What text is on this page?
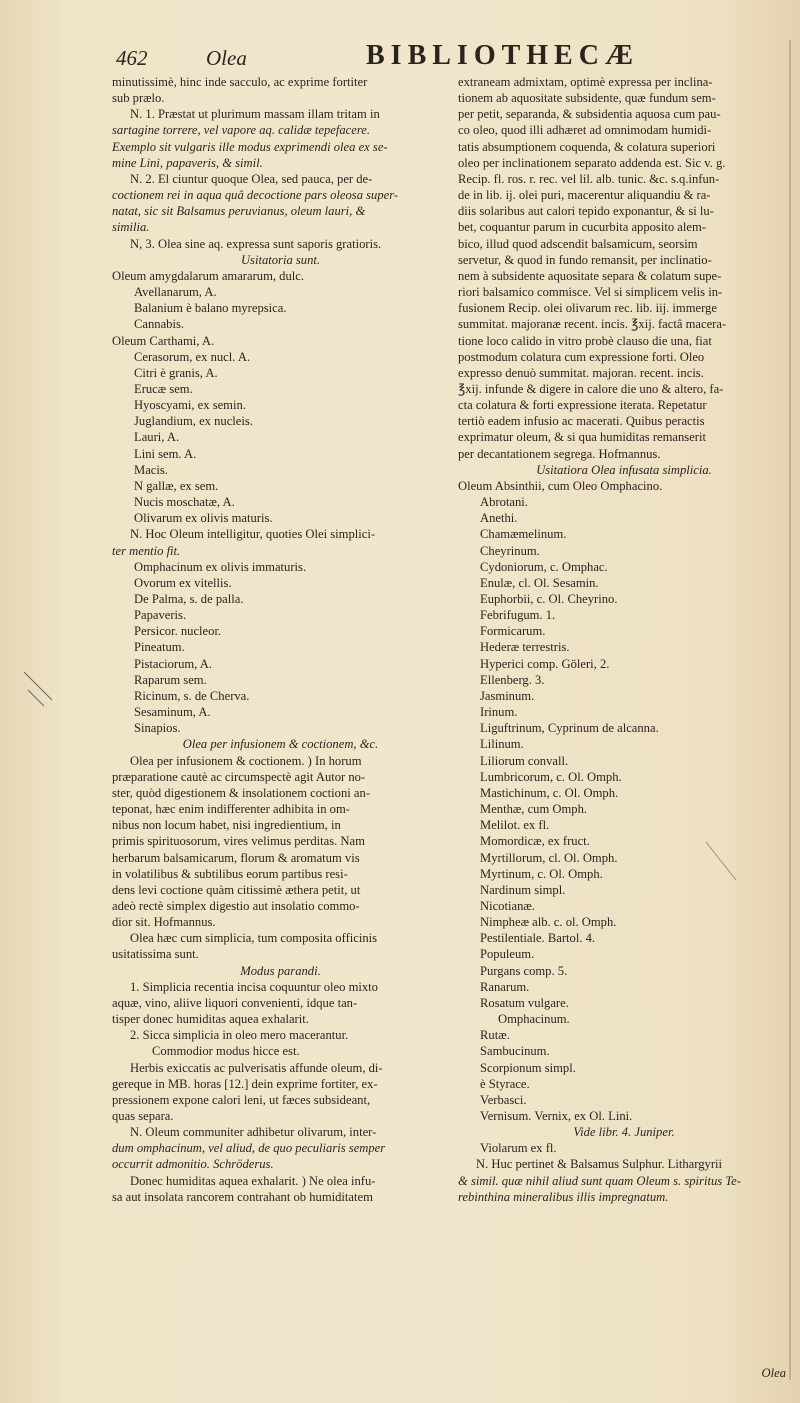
462	Olea	BIBLIOTHECÆ

minutissimè, hinc inde sacculo, ac exprime fortiter

sub prælo.

N. 1. Præstat ut plurimum massam illam tritam in

sartagine torrere, vel vapore aq. calidæ tepefacere.

Exemplo sit vulgaris ille modus exprimendi olea ex se-

mine Lini, papaveris, & simil.

N. 2. El ciuntur quoque Olea, sed pauca, per de-

coctionem rei in aqua quâ decoctione pars oleosa super-

natat, sic sit Balsamus peruvianus, oleum lauri, &

similia.

N, 3. Olea sine aq. expressa sunt saporis gratioris.

Usitatoria sunt.

Oleum amygdalarum amararum, dulc.

Avellanarum, A.

Balanium è balano myrepsica.

Cannabis.

Oleum Carthami, A.

Cerasorum, ex nucl. A.

Citri è granis, A.

Erucæ sem.

Hyoscyami, ex semin.

Juglandium, ex nucleis.

Lauri, A.

Lini sem. A.

Macis.

N gallæ, ex sem.

Nucis moschatæ, A.

Olivarum ex olivis maturis.

N. Hoc Oleum intelligitur, quoties Olei simplici-

ter mentio fit.

Omphacinum ex olivis immaturis.

Ovorum ex vitellis.

De Palma, s. de palla.

Papaveris.

Persicor. nucleor.

Pineatum.

Pistaciorum, A.

Raparum sem.

Ricinum, s. de Cherva.

Sesaminum, A.

Sinapios.

Olea per infusionem & coctionem, &c.

Olea per infusionem & coctionem. ) In horum

præparatione cautè ac circumspectè agit Autor no-

ster, quòd digestionem & insolationem coctioni an-

teponat, hæc enim indifferenter adhibita in om-

nibus non locum habet, nisi ingredientium, in

primis spirituosorum, vires velimus perditas. Nam

herbarum balsamicarum, florum & aromatum vis

in volatilibus & subtilibus eorum partibus resi-

dens levi coctione quàm citissimè æthera petit, ut

adeò rectè simplex digestio aut insolatio commo-

dior sit. Hofmannus.

Olea hæc cum simplicia, tum composita officinis

usitatissima sunt.

Modus parandi.

1. Simplicia recentia incisa coquuntur oleo mixto

aquæ, vino, aliive liquori convenienti, idque tan-

tisper donec humiditas aquea exhalarit.

2. Sicca simplicia in oleo mero macerantur.

Commodior modus hicce est.

Herbis exiccatis ac pulverisatis affunde oleum, di-

gereque in MB. horas [12.] dein exprime fortiter, ex-

pressionem expone calori leni, ut fæces subsideant,

quas separa.

N. Oleum communiter adhibetur olivarum, inter-

dum omphacinum, vel aliud, de quo peculiaris semper

occurrit admonitio. Schröderus.

Donec humiditas aquea exhalarit. ) Ne olea infu-

sa aut insolata rancorem contrahant ob humiditatem

extraneam admixtam, optimè expressa per inclina-

tionem ab aquositate subsidente, quæ fundum sem-

per petit, separanda, & subsidentia aquosa cum pau-

co oleo, quod illi adhæret ad omnimodam humidi-

tatis absumptionem coquenda, & colatura superiori

oleo per inclinationem separato addenda est. Sic v. g.

Recip. fl. ros. r. rec. vel lil. alb. tunic. &c. s.q.infun-

de in lib. ij. olei puri, macerentur aliquandiu & ra-

diis solaribus aut calori tepido exponantur, & si lu-

bet, coquantur parum in cucurbita apposito alem-

bico, illud quod adscendit balsamicum, seorsim

servetur, & quod in fundo remansit, per inclinatio-

nem à subsidente aquositate separa & colatum supe-

riori balsamico commisce. Vel si simplicem velis in-

fusionem Recip. olei olivarum rec. lib. iij. immerge

summitat. majoranæ recent. incis. ℥xij. factâ macera-

tione loco calido in vitro probè clauso die una, fiat

postmodum colatura cum expressione forti. Oleo

expresso denuò summitat. majoran. recent. incis.

℥xij. infunde & digere in calore die uno & altero, fa-

cta colatura & forti expressione iterata. Repetatur

tertiò eadem infusio ac macerati. Quibus peractis

exprimatur oleum, & si qua humiditas remanserit

per decantationem segrega. Hofmannus.

Usitatiora Olea infusata simplicia.

Oleum Absinthii, cum Oleo Omphacino.

Abrotani.

Anethi.

Chamæmelinum.

Cheyrinum.

Cydoniorum, c. Omphac.

Enulæ, cl. Ol. Sesamin.

Euphorbii, c. Ol. Cheyrino.

Febrifugum. 1.

Formicarum.

Hederæ terrestris.

Hyperici comp. Göleri, 2.

Ellenberg. 3.

Jasminum.

Irinum.

Liguftrinum, Cyprinum de alcanna.

Lilinum.

Liliorum convall.

Lumbricorum, c. Ol. Omph.

Mastichinum, c. Ol. Omph.

Menthæ, cum Omph.

Melilot. ex fl.

Momordicæ, ex fruct.

Myrtillorum, cl. Ol. Omph.

Myrtinum, c. Ol. Omph.

Nardinum simpl.

Nicotianæ.

Nimpheæ alb. c. ol. Omph.

Pestilentiale. Bartol. 4.

Populeum.

Purgans comp. 5.

Ranarum.

Rosatum vulgare.

Omphacinum.

Rutæ.

Sambucinum.

Scorpionum simpl.

è Styrace.

Verbasci.

Vernisum. Vernix, ex Ol. Lini.

Vide libr. 4. Juniper.

Violarum ex fl.

N. Huc pertinet & Balsamus Sulphur. Lithargyrii

& simil. quæ nihil aliud sunt quam Oleum s. spiritus Te-

rebinthina mineralibus illis impregnatum.

Olea
